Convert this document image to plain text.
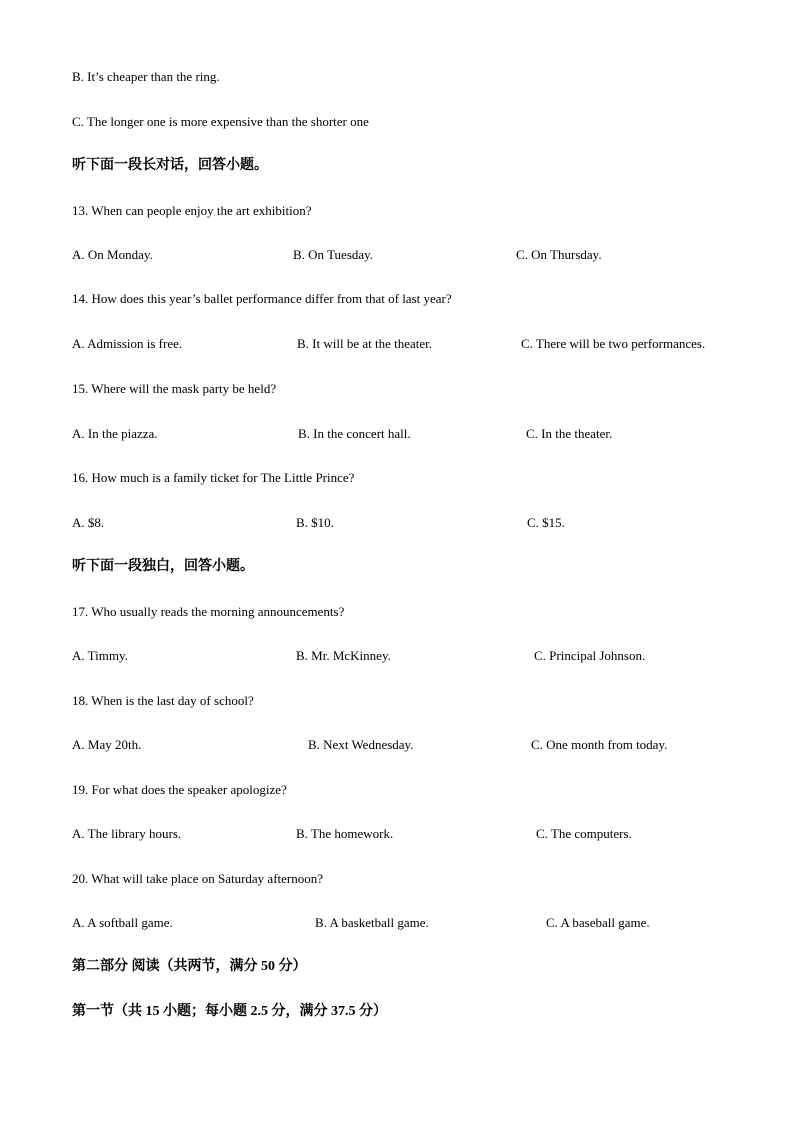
B. It’s cheaper than the ring.
C. The longer one is more expensive than the shorter one
听下面一段长对话，回答小题。
13. When can people enjoy the art exhibition?
A. On Monday.	B. On Tuesday.	C. On Thursday.
14. How does this year’s ballet performance differ from that of last year?
A. Admission is free.	B. It will be at the theater.	C. There will be two performances.
15. Where will the mask party be held?
A. In the piazza.	B. In the concert hall.	C. In the theater.
16. How much is a family ticket for The Little Prince?
A. $8.	B. $10.	C. $15.
听下面一段独白，回答小题。
17. Who usually reads the morning announcements?
A. Timmy.	B. Mr. McKinney.	C. Principal Johnson.
18. When is the last day of school?
A. May 20th.	B. Next Wednesday.	C. One month from today.
19. For what does the speaker apologize?
A. The library hours.	B. The homework.	C. The computers.
20. What will take place on Saturday afternoon?
A. A softball game.	B. A basketball game.	C. A baseball game.
第二部分 阅读（共两节，满分 50 分）
第一节（共 15 小题；每小题 2.5 分，满分 37.5 分）
